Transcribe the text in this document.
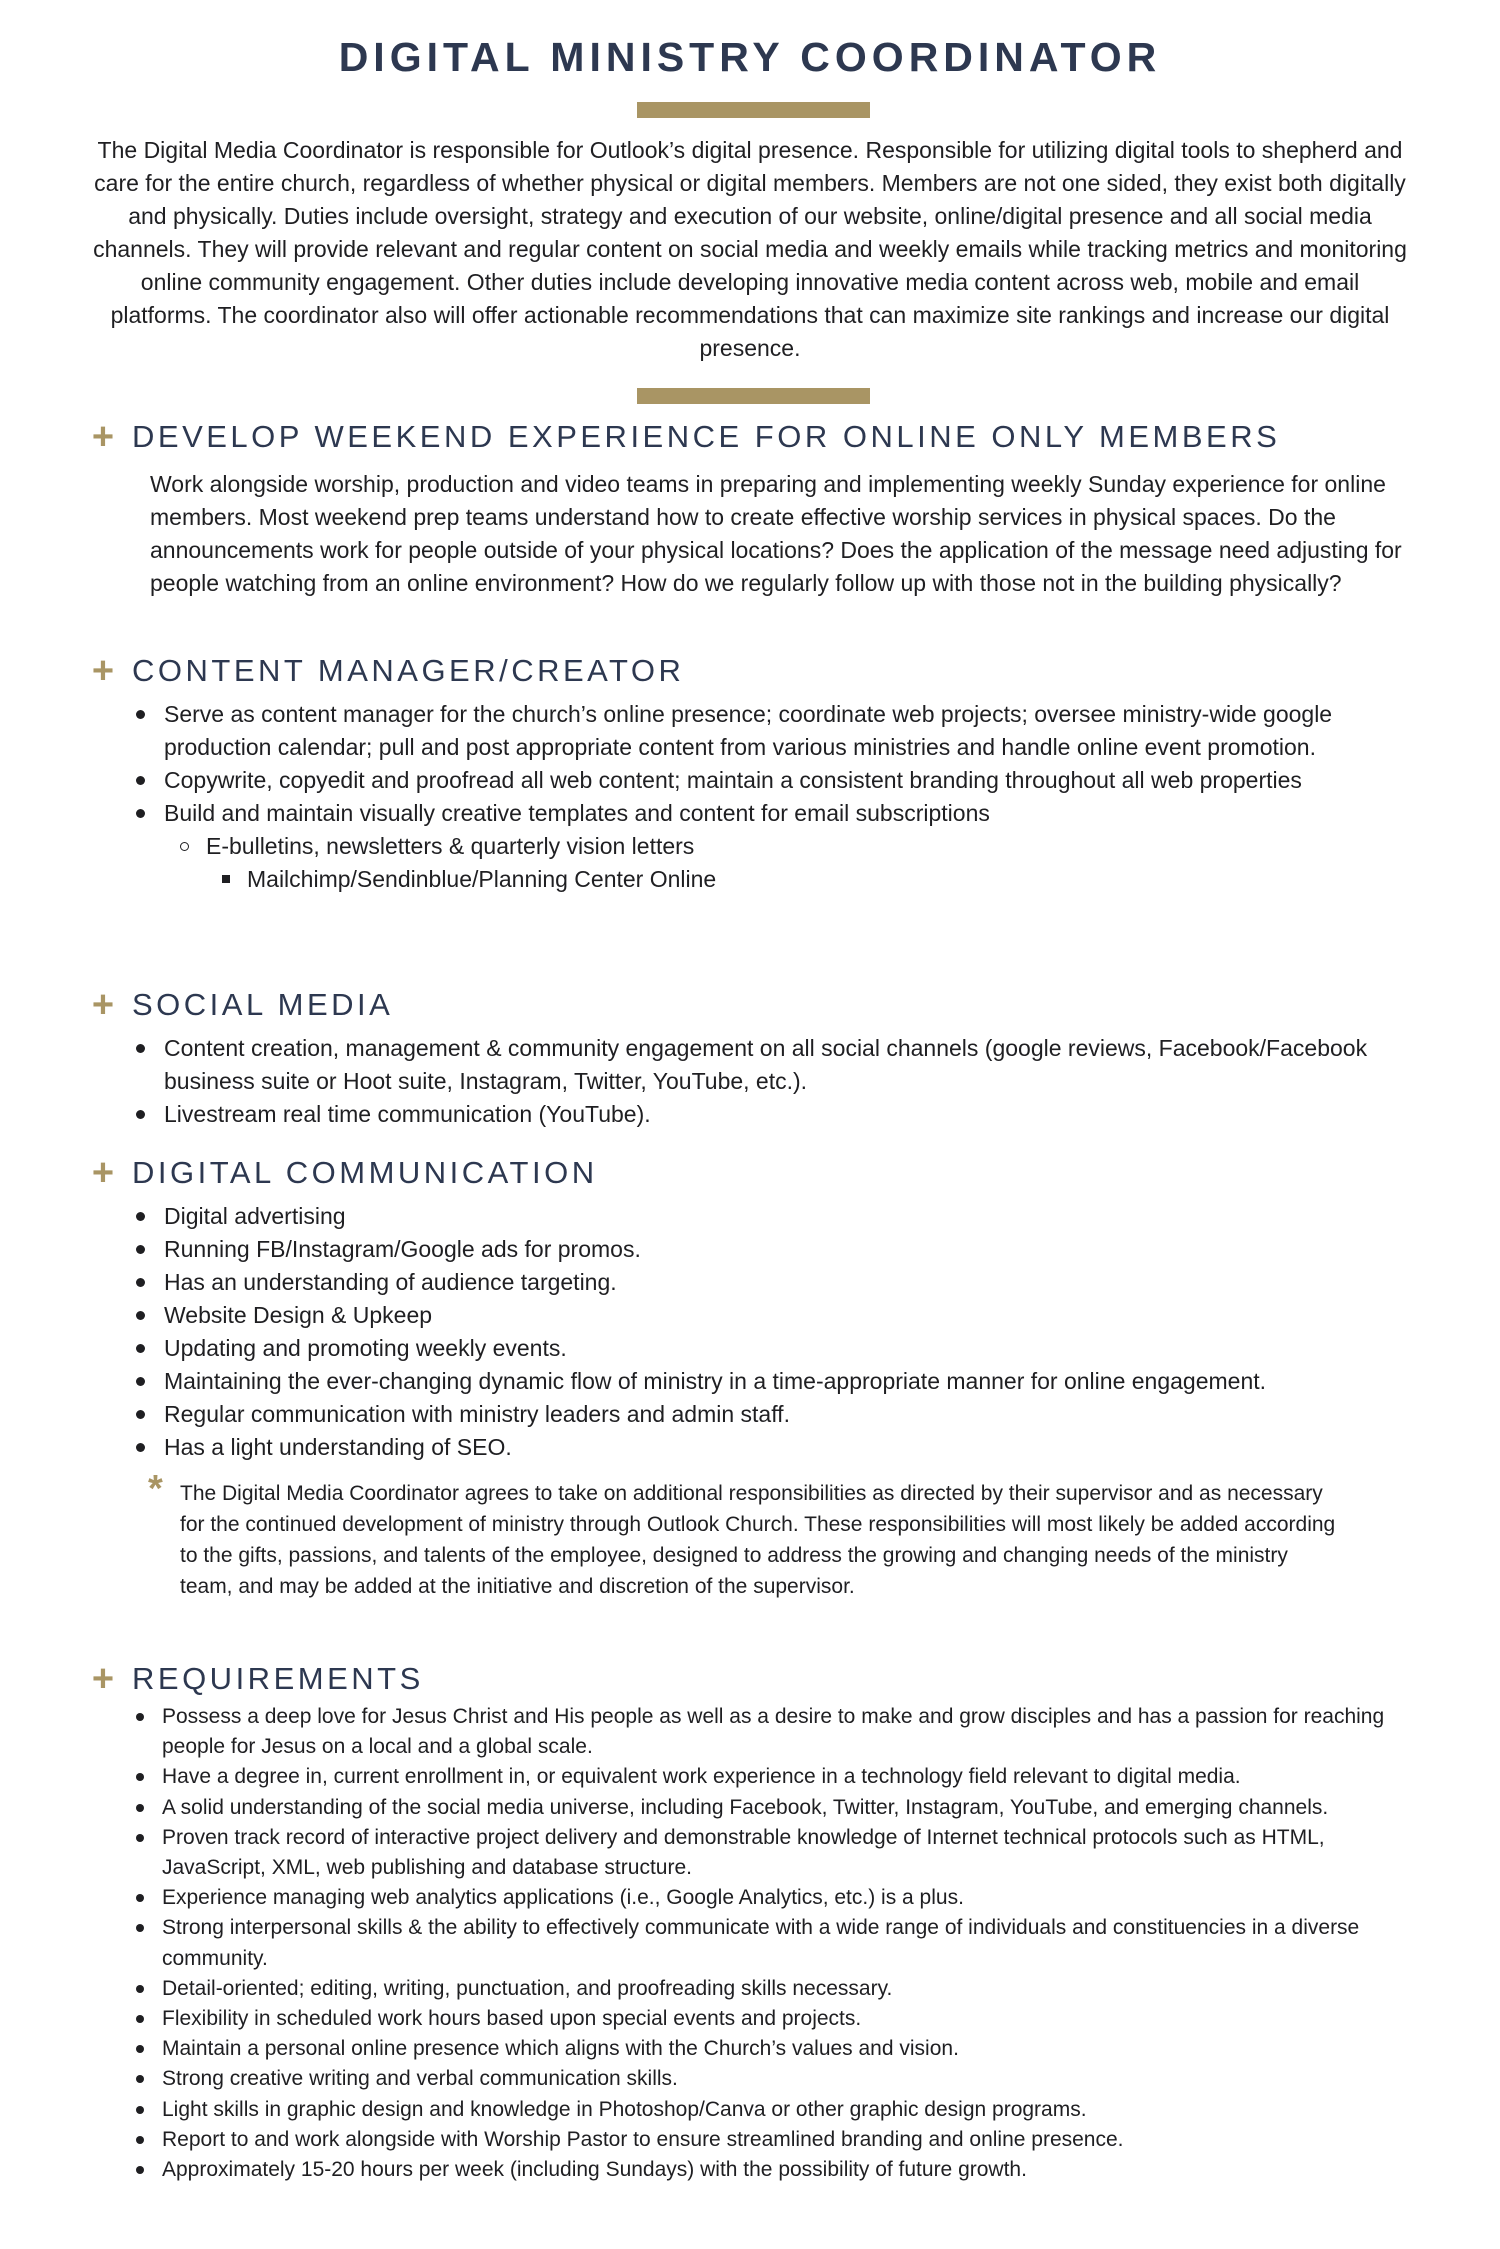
DIGITAL MINISTRY COORDINATOR

The Digital Media Coordinator is responsible for Outlook’s digital presence. Responsible for utilizing digital tools to shepherd and care for the entire church, regardless of whether physical or digital members. Members are not one sided, they exist both digitally and physically. Duties include oversight, strategy and execution of our website, online/digital presence and all social media channels. They will provide relevant and regular content on social media and weekly emails while tracking metrics and monitoring online community engagement. Other duties include developing innovative media content across web, mobile and email platforms. The coordinator also will offer actionable recommendations that can maximize site rankings and increase our digital presence.

+ DEVELOP WEEKEND EXPERIENCE FOR ONLINE ONLY MEMBERS

Work alongside worship, production and video teams in preparing and implementing weekly Sunday experience for online members. Most weekend prep teams understand how to create effective worship services in physical spaces. Do the announcements work for people outside of your physical locations? Does the application of the message need adjusting for people watching from an online environment? How do we regularly follow up with those not in the building physically?

+ CONTENT MANAGER/CREATOR
Serve as content manager for the church’s online presence; coordinate web projects; oversee ministry-wide google production calendar; pull and post appropriate content from various ministries and handle online event promotion.
Copywrite, copyedit and proofread all web content; maintain a consistent branding throughout all web properties
Build and maintain visually creative templates and content for email subscriptions
E-bulletins, newsletters & quarterly vision letters
Mailchimp/Sendinblue/Planning Center Online
+ SOCIAL MEDIA
Content creation, management & community engagement on all social channels (google reviews, Facebook/Facebook business suite or Hoot suite, Instagram, Twitter, YouTube, etc.).
Livestream real time communication (YouTube).
+ DIGITAL COMMUNICATION
Digital advertising
Running FB/Instagram/Google ads for promos.
Has an understanding of audience targeting.
Website Design & Upkeep
Updating and promoting weekly events.
Maintaining the ever-changing dynamic flow of ministry in a time-appropriate manner for online engagement.
Regular communication with ministry leaders and admin staff.
Has a light understanding of SEO.
* The Digital Media Coordinator agrees to take on additional responsibilities as directed by their supervisor and as necessary for the continued development of ministry through Outlook Church. These responsibilities will most likely be added according to the gifts, passions, and talents of the employee, designed to address the growing and changing needs of the ministry team, and may be added at the initiative and discretion of the supervisor.
+ REQUIREMENTS
Possess a deep love for Jesus Christ and His people as well as a desire to make and grow disciples and has a passion for reaching people for Jesus on a local and a global scale.
Have a degree in, current enrollment in, or equivalent work experience in a technology field relevant to digital media.
A solid understanding of the social media universe, including Facebook, Twitter, Instagram, YouTube, and emerging channels.
Proven track record of interactive project delivery and demonstrable knowledge of Internet technical protocols such as HTML, JavaScript, XML, web publishing and database structure.
Experience managing web analytics applications (i.e., Google Analytics, etc.) is a plus.
Strong interpersonal skills & the ability to effectively communicate with a wide range of individuals and constituencies in a diverse community.
Detail-oriented; editing, writing, punctuation, and proofreading skills necessary.
Flexibility in scheduled work hours based upon special events and projects.
Maintain a personal online presence which aligns with the Church’s values and vision.
Strong creative writing and verbal communication skills.
Light skills in graphic design and knowledge in Photoshop/Canva or other graphic design programs.
Report to and work alongside with Worship Pastor to ensure streamlined branding and online presence.
Approximately 15-20 hours per week (including Sundays) with the possibility of future growth.
